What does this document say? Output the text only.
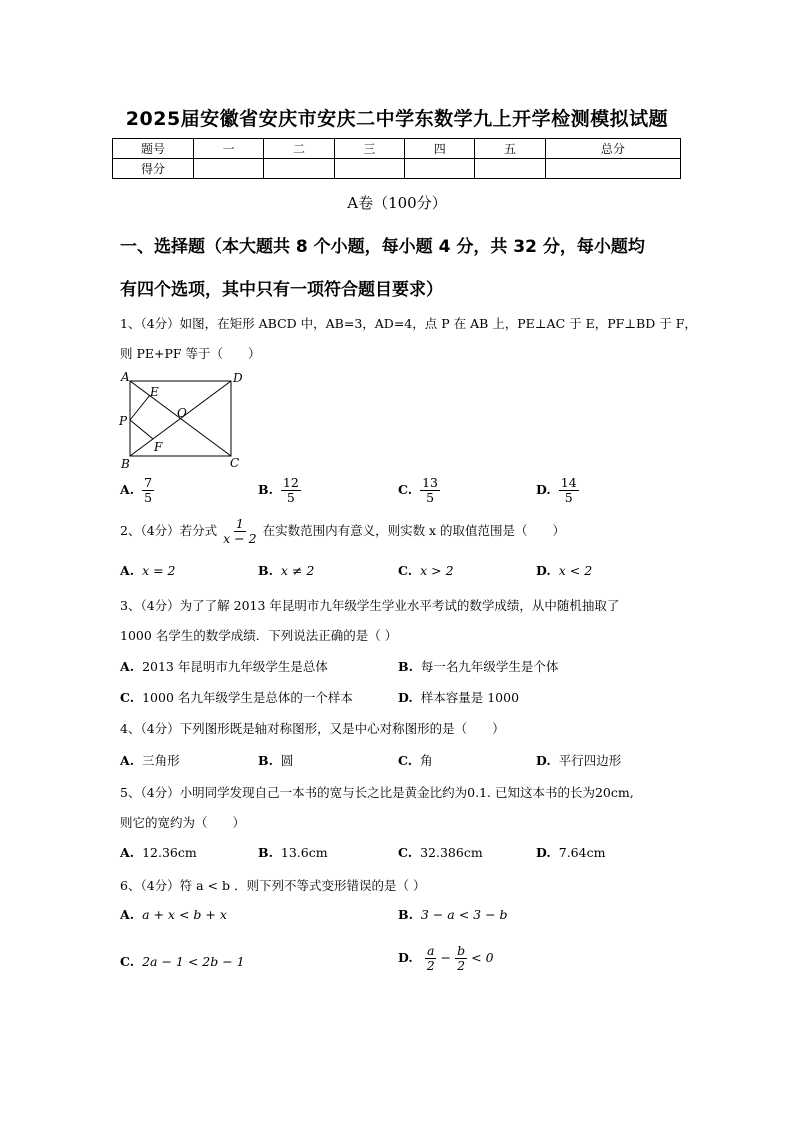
2025届安徽省安庆市安庆二中学东数学九上开学检测模拟试题
题号	一	二	三	四	五	总分
得分						
A卷（100分）
一、选择题（本大题共 8 个小题，每小题 4 分，共 32 分，每小题均
有四个选项，其中只有一项符合题目要求）
1、（4分）如图，在矩形 ABCD 中，AB=3，AD=4，点 P 在 AB 上，PE⊥AC 于 E，PF⊥BD 于 F，
则 PE+PF 等于（　　）
A	D
E
O
P
F
B	C
A. $\frac{7}{5}$	B. $\frac{12}{5}$	C. $\frac{13}{5}$	D. $\frac{14}{5}$
2、（4分）若分式 $\frac{1}{x - 2}$ 在实数范围内有意义，则实数 x 的取值范围是（　　）
A. x = 2	B. x ≠ 2	C. x > 2	D. x < 2
3、（4分）为了了解 2013 年昆明市九年级学生学业水平考试的数学成绩，从中随机抽取了
1000 名学生的数学成绩．下列说法正确的是（ ）
A. 2013 年昆明市九年级学生是总体	B. 每一名九年级学生是个体
C. 1000 名九年级学生是总体的一个样本	D. 样本容量是 1000
4、（4分）下列图形既是轴对称图形，又是中心对称图形的是（　　）
A. 三角形	B. 圆	C. 角	D. 平行四边形
5、（4分）小明同学发现自己一本书的宽与长之比是黄金比约为0.1. 已知这本书的长为20cm,
则它的宽约为（　　）
A. 12.36cm	B. 13.6cm	C. 32.386cm	D. 7.64cm
6、（4分）符 a < b ．则下列不等式变形错误的是（ ）
A. a + x < b + x	B. 3 − a < 3 − b
C. 2a − 1 < 2b − 1	D. $\frac{a}{2} - \frac{b}{2} < 0$
